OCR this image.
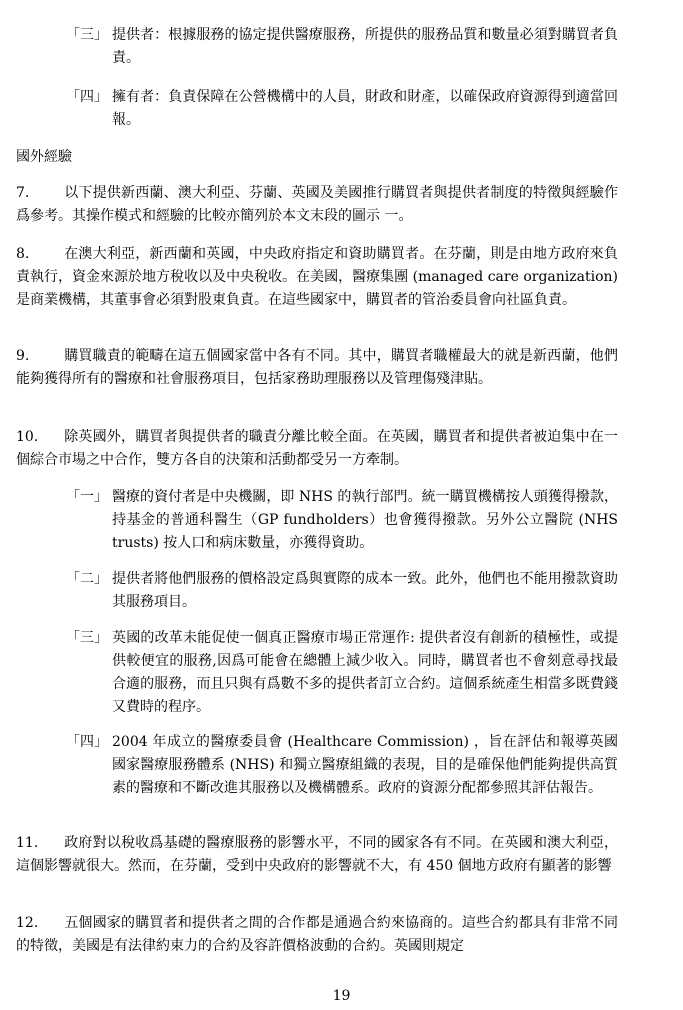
「三」 提供者：根據服務的協定提供醫療服務，所提供的服務品質和數量必須對購買者負責。
「四」 擁有者：負責保障在公營機構中的人員，財政和財產，以確保政府資源得到適當回報。
國外經驗
7. 以下提供新西蘭、澳大利亞、芬蘭、英國及美國推行購買者與提供者制度的特徵與經驗作爲參考。其操作模式和經驗的比較亦簡列於本文末段的圖示 一。
8. 在澳大利亞，新西蘭和英國，中央政府指定和資助購買者。在芬蘭，則是由地方政府來負責執行，資金來源於地方稅收以及中央稅收。在美國，醫療集團 (managed care organization)是商業機構，其董事會必須對股東負責。在這些國家中，購買者的管治委員會向社區負責。
9. 購買職責的範疇在這五個國家當中各有不同。其中，購買者職權最大的就是新西蘭，他們能夠獲得所有的醫療和社會服務項目，包括家務助理服務以及管理傷殘津貼。
10. 除英國外，購買者與提供者的職責分離比較全面。在英國，購買者和提供者被迫集中在一個綜合市場之中合作，雙方各自的決策和活動都受另一方牽制。
「一」 醫療的資付者是中央機關，即 NHS 的執行部門。統一購買機構按人頭獲得撥款，持基金的普通科醫生（GP fundholders）也會獲得撥款。另外公立醫院 (NHS trusts) 按人口和病床數量，亦獲得資助。
「二」 提供者將他們服務的價格設定爲與實際的成本一致。此外，他們也不能用撥款資助其服務項目。
「三」 英國的改革未能促使一個真正醫療市場正常運作: 提供者沒有創新的積極性，或提供較便宜的服務,因爲可能會在總體上減少收入。同時，購買者也不會刻意尋找最合適的服務，而且只與有爲數不多的提供者訂立合約。這個系統產生相當多既費錢又費時的程序。
「四」 2004 年成立的醫療委員會 (Healthcare Commission) ，旨在評估和報導英國國家醫療服務體系 (NHS) 和獨立醫療組織的表現，目的是確保他們能夠提供高質素的醫療和不斷改進其服務以及機構體系。政府的資源分配都參照其評估報告。
11. 政府對以稅收爲基礎的醫療服務的影響水平，不同的國家各有不同。在英國和澳大利亞，這個影響就很大。然而，在芬蘭，受到中央政府的影響就不大，有 450 個地方政府有顯著的影響
12. 五個國家的購買者和提供者之間的合作都是通過合約來協商的。這些合約都具有非常不同的特徵，美國是有法律約束力的合約及容許價格波動的合約。英國則規定
19
